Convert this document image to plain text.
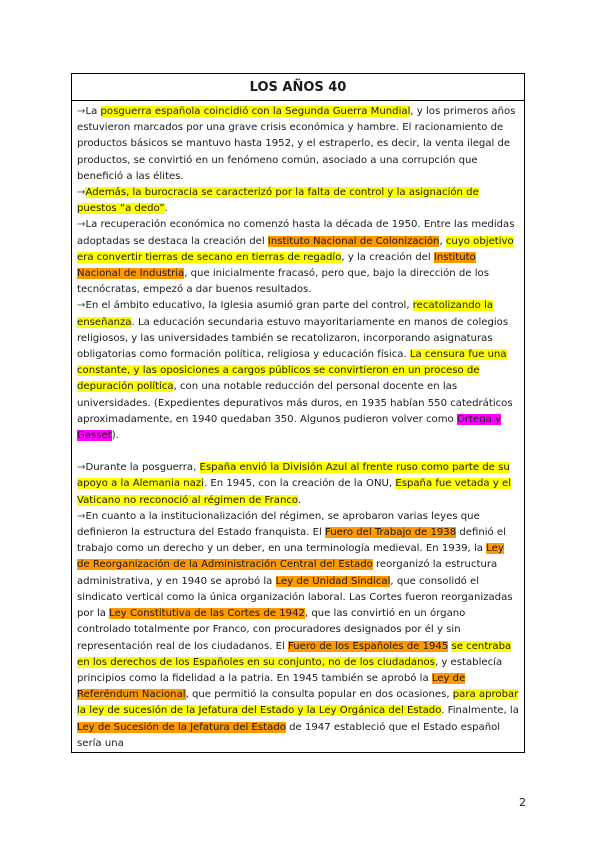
LOS AÑOS 40

→La posguerra española coincidió con la Segunda Guerra Mundial, y los primeros años estuvieron marcados por una grave crisis económica y hambre. El racionamiento de productos básicos se mantuvo hasta 1952, y el estraperlo, es decir, la venta ilegal de productos, se convirtió en un fenómeno común, asociado a una corrupción que benefició a las élites.

→Además, la burocracia se caracterizó por la falta de control y la asignación de puestos “a dedo”.

→La recuperación económica no comenzó hasta la década de 1950. Entre las medidas adoptadas se destaca la creación del Instituto Nacional de Colonización, cuyo objetivo era convertir tierras de secano en tierras de regadío, y la creación del Instituto Nacional de Industria, que inicialmente fracasó, pero que, bajo la dirección de los tecnócratas, empezó a dar buenos resultados.

→En el ámbito educativo, la Iglesia asumió gran parte del control, recatolizando la enseñanza. La educación secundaria estuvo mayoritariamente en manos de colegios religiosos, y las universidades también se recatolizaron, incorporando asignaturas obligatorias como formación política, religiosa y educación física. La censura fue una constante, y las oposiciones a cargos públicos se convirtieron en un proceso de depuración política, con una notable reducción del personal docente en las universidades. (Expedientes depurativos más duros, en 1935 habían 550 catedráticos aproximadamente, en 1940 quedaban 350. Algunos pudieron volver como Ortega y Gasset).

→Durante la posguerra, España envió la División Azul al frente ruso como parte de su apoyo a la Alemania nazi. En 1945, con la creación de la ONU, España fue vetada y el Vaticano no reconoció al régimen de Franco.

→En cuanto a la institucionalización del régimen, se aprobaron varias leyes que definieron la estructura del Estado franquista. El Fuero del Trabajo de 1938 definió el trabajo como un derecho y un deber, en una terminología medieval. En 1939, la Ley de Reorganización de la Administración Central del Estado reorganizó la estructura administrativa, y en 1940 se aprobó la Ley de Unidad Sindical, que consolidó el sindicato vertical como la única organización laboral. Las Cortes fueron reorganizadas por la Ley Constitutiva de las Cortes de 1942, que las convirtió en un órgano controlado totalmente por Franco, con procuradores designados por él y sin representación real de los ciudadanos. El Fuero de los Españoles de 1945 se centraba en los derechos de los Españoles en su conjunto, no de los ciudadanos, y establecía principios como la fidelidad a la patria. En 1945 también se aprobó la Ley de Referéndum Nacional, que permitió la consulta popular en dos ocasiones, para aprobar la ley de sucesión de la Jefatura del Estado y la Ley Orgánica del Estado. Finalmente, la Ley de Sucesión de la Jefatura del Estado de 1947 estableció que el Estado español sería una

2
